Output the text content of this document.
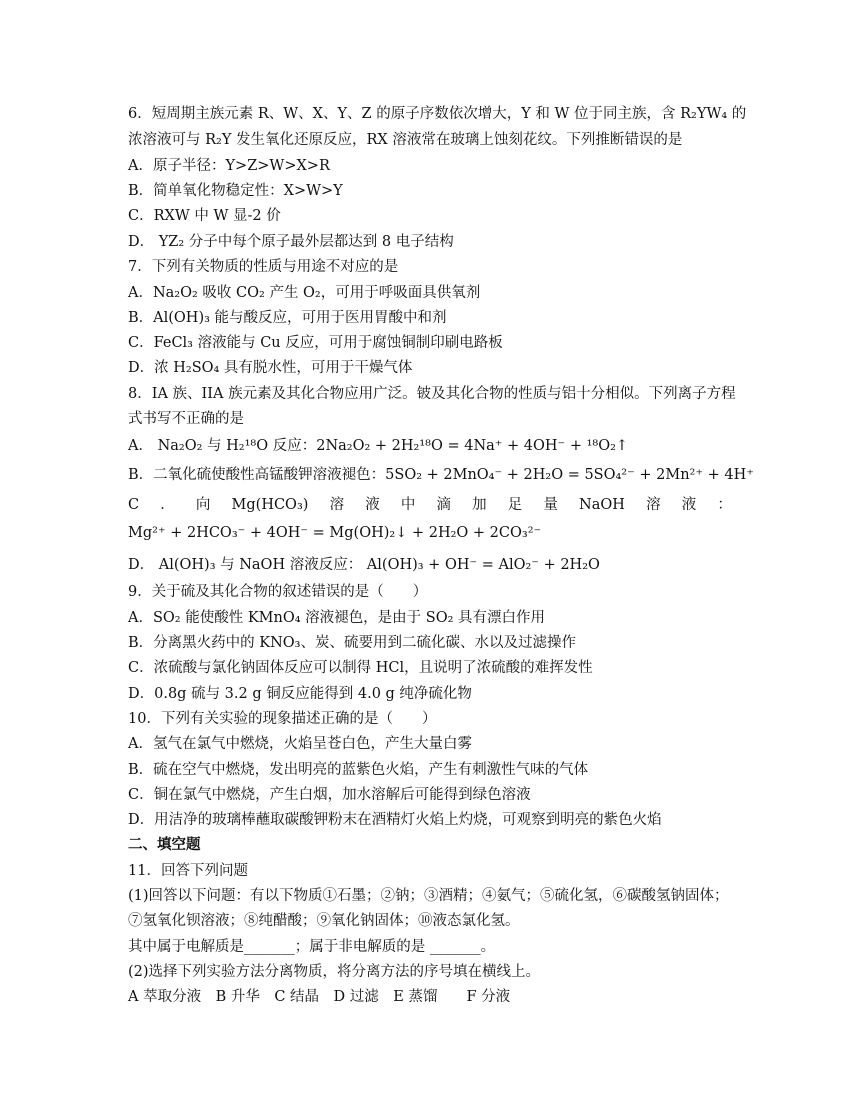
6．短周期主族元素 R、W、X、Y、Z 的原子序数依次增大，Y 和 W 位于同主族，含 R₂YW₄ 的
浓溶液可与 R₂Y 发生氧化还原反应，RX 溶液常在玻璃上蚀刻花纹。下列推断错误的是
A．原子半径：Y>Z>W>X>R
B．简单氧化物稳定性：X>W>Y
C．RXW 中 W 显-2 价
D． YZ₂ 分子中每个原子最外层都达到 8 电子结构
7．下列有关物质的性质与用途不对应的是
A．Na₂O₂ 吸收 CO₂ 产生 O₂，可用于呼吸面具供氧剂
B．Al(OH)₃ 能与酸反应，可用于医用胃酸中和剂
C．FeCl₃ 溶液能与 Cu 反应，可用于腐蚀铜制印刷电路板
D．浓 H₂SO₄ 具有脱水性，可用于干燥气体
8．IA 族、IIA 族元素及其化合物应用广泛。铍及其化合物的性质与铝十分相似。下列离子方程
式书写不正确的是
A． Na₂O₂ 与 H₂¹⁸O 反应：2Na₂O₂ + 2H₂¹⁸O = 4Na⁺ + 4OH⁻ + ¹⁸O₂↑
B．二氧化硫使酸性高锰酸钾溶液褪色：5SO₂ + 2MnO₄⁻ + 2H₂O = 5SO₄²⁻ + 2Mn²⁺ + 4H⁺
C ． 向 Mg(HCO₃) 溶 液 中 滴 加 足 量 NaOH 溶 液 ：
Mg²⁺ + 2HCO₃⁻ + 4OH⁻ = Mg(OH)₂↓ + 2H₂O + 2CO₃²⁻
D． Al(OH)₃ 与 NaOH 溶液反应： Al(OH)₃ + OH⁻ = AlO₂⁻ + 2H₂O
9．关于硫及其化合物的叙述错误的是（　　）
A．SO₂ 能使酸性 KMnO₄ 溶液褪色，是由于 SO₂ 具有漂白作用
B．分离黑火药中的 KNO₃、炭、硫要用到二硫化碳、水以及过滤操作
C．浓硫酸与氯化钠固体反应可以制得 HCl，且说明了浓硫酸的难挥发性
D．0.8g 硫与 3.2 g 铜反应能得到 4.0 g 纯净硫化物
10．下列有关实验的现象描述正确的是（　　）
A．氢气在氯气中燃烧，火焰呈苍白色，产生大量白雾
B．硫在空气中燃烧，发出明亮的蓝紫色火焰，产生有刺激性气味的气体
C．铜在氯气中燃烧，产生白烟，加水溶解后可能得到绿色溶液
D．用洁净的玻璃棒蘸取碳酸钾粉末在酒精灯火焰上灼烧，可观察到明亮的紫色火焰
二、填空题
11．回答下列问题
(1)回答以下问题：有以下物质①石墨；②钠；③酒精；④氨气；⑤硫化氢，⑥碳酸氢钠固体；
⑦氢氧化钡溶液；⑧纯醋酸；⑨氧化钠固体；⑩液态氯化氢。
其中属于电解质是_______；属于非电解质的是 _______。
(2)选择下列实验方法分离物质，将分离方法的序号填在横线上。
A 萃取分液　B 升华　C 结晶　D 过滤　E 蒸馏　　F 分液
